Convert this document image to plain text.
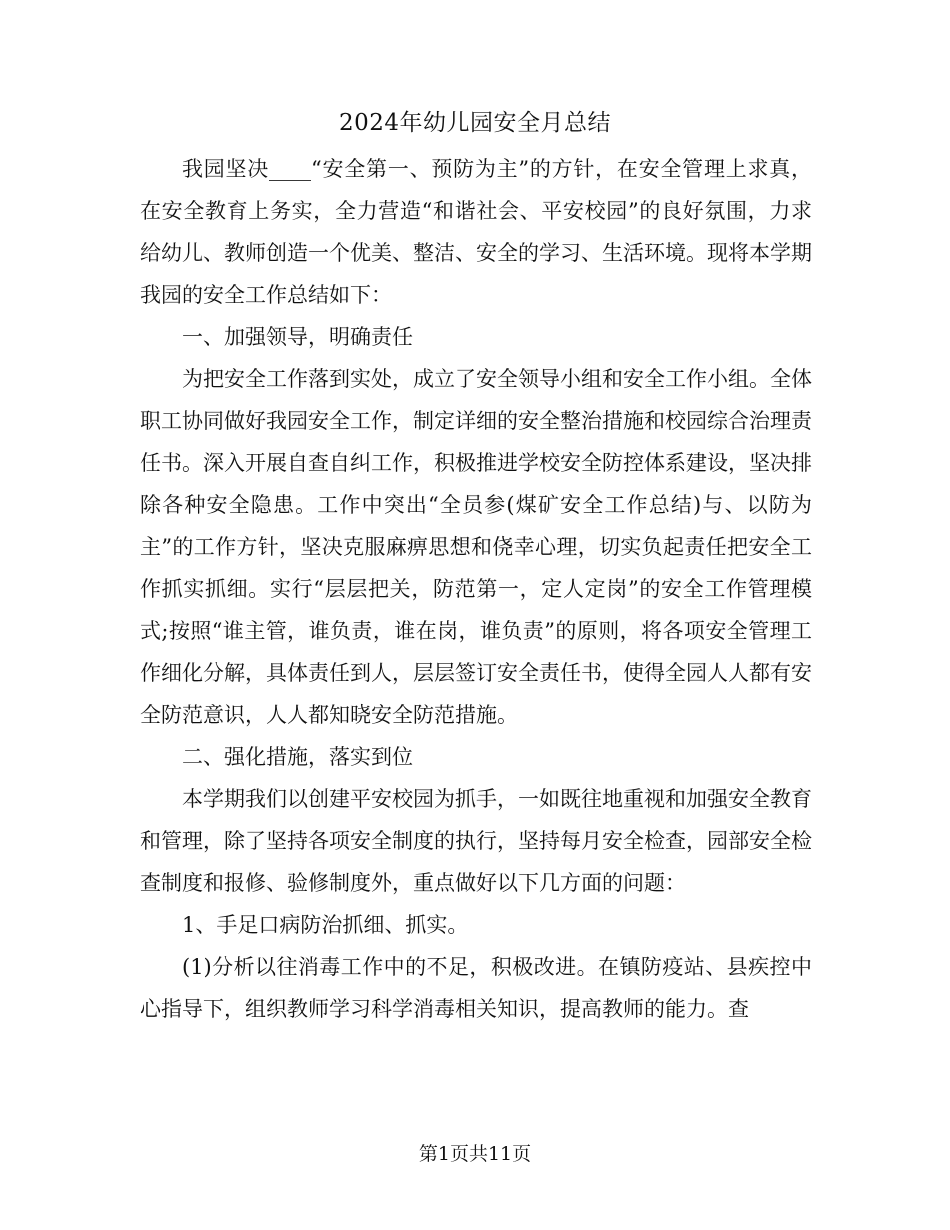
2024年幼儿园安全月总结

我园坚决____“安全第一、预防为主”的方针，在安全管理上求真，在安全教育上务实，全力营造“和谐社会、平安校园”的良好氛围，力求给幼儿、教师创造一个优美、整洁、安全的学习、生活环境。现将本学期我园的安全工作总结如下：

一、加强领导，明确责任

为把安全工作落到实处，成立了安全领导小组和安全工作小组。全体职工协同做好我园安全工作，制定详细的安全整治措施和校园综合治理责任书。深入开展自查自纠工作，积极推进学校安全防控体系建设，坚决排除各种安全隐患。工作中突出“全员参(煤矿安全工作总结)与、以防为主”的工作方针，坚决克服麻痹思想和侥幸心理，切实负起责任把安全工作抓实抓细。实行“层层把关，防范第一，定人定岗”的安全工作管理模式;按照“谁主管，谁负责，谁在岗，谁负责”的原则，将各项安全管理工作细化分解，具体责任到人，层层签订安全责任书，使得全园人人都有安全防范意识，人人都知晓安全防范措施。

二、强化措施，落实到位

本学期我们以创建平安校园为抓手，一如既往地重视和加强安全教育和管理，除了坚持各项安全制度的执行，坚持每月安全检查，园部安全检查制度和报修、验修制度外，重点做好以下几方面的问题：

1、手足口病防治抓细、抓实。

(1)分析以往消毒工作中的不足，积极改进。在镇防疫站、县疾控中心指导下，组织教师学习科学消毒相关知识，提高教师的能力。查

第1页共11页
